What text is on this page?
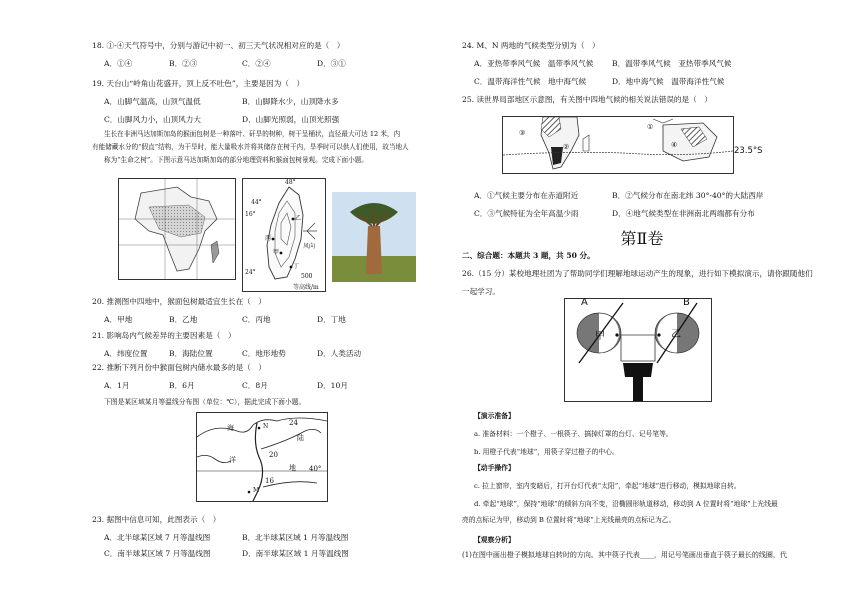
18. ①-④天气符号中，分别与游记中初一、初三天气状况相对应的是（　）
A．①④	B．②③	C．②④	D．③①
19. 天台山“岭角山花盛开，顶上反不吐色”，主要是因为（　）
A．山脚气温高，山顶气温低	B．山脚降水少，山顶降水多
C．山脚风力小，山顶风力大	D．山脚光照弱，山顶光照强
生长在非洲马达加斯加岛的猴面包树是一种落叶、矸旱的树种，树干呈桶状，直径最大可达 12 米，内
有能储藏水分的“假直”结构，为干旱时，能大量吸水并将其储存在树干内，旱季时可以供人们使用，故当地人
称为“生命之树”。下图示意马达加斯加岛的部分地理资料和猴面包树景观。完成下面小题。
48°
44°
16°
24°
风向
500
等高线/m
甲
乙
丙
丁
20. 推测图中四地中，猴面包树最适宜生长在（　）
A．甲地	B．乙地	C．丙地	D．丁地
21. 影响岛内气候差异的主要因素是（　）
A．纬度位置	B．海陆位置	C．地形地势	D．人类活动
22. 推断下列月份中猴面包树内储水最多的是（　）
A．1月	B．6月	C．8月	D．10月
下图是某区域某月等温线分布图（单位：℃），据此完成下面小题。
海
洋
陆
地
24
20
16
40°
N
M
23. 据图中信息可知，此图表示（　）
A．北半球某区域 7 月等温线图	B．北半球某区域 1 月等温线图
C．南半球某区域 7 月等温线图	D．南半球某区域 1 月等温线图
24. M、N 两地的气候类型分别为（　）
A．亚热带季风气候　温带季风气候 B．温带季风气候　亚热带季风气候
C．温带海洋性气候　地中海气候	D．地中海气候　温带海洋性气候
25. 读世界局部地区示意图，有关图中四地气候的相关说法错误的是（　）
③
②
①
④
23.5°S
A．①气候主要分布在赤道附近	B．②气候分布在南北纬 30°-40°的大陆西岸
C．③气候特征为全年高温少雨	D．④地气候类型在非洲南北两端都有分布
第Ⅱ卷
二、综合题：本题共 3 题，共 50 分。
26.（15 分）某校地理社团为了帮助同学们理解地球运动产生的现象，进行如下模拟演示，请你跟随他们
一起学习。
A	B
甲	乙
【演示准备】
a. 准备材料：一个橙子、一根筷子、搞掉灯罩的台灯、记号笔等。
b. 用橙子代表“地球”，用筷子穿过橙子的中心。
【动手操作】
c. 拉上窗帘，室内变暗后，打开台灯代表“太阳”，牵起“地球”进行移动，模拟地球自转。
d. 牵起“地球”，保持“地球”的倾斜方向不变，沿椭圆形轨道移动，移动到 A 位置时将“地球”上光线最
亮的点标记为甲，移动到 B 位置时将“地球”上光线最亮的点标记为乙。
【观察分析】
(1)在图中画出橙子模拟地球自转时的方向。其中筷子代表____，用记号笔画出垂直于筷子最长的线圈，代
